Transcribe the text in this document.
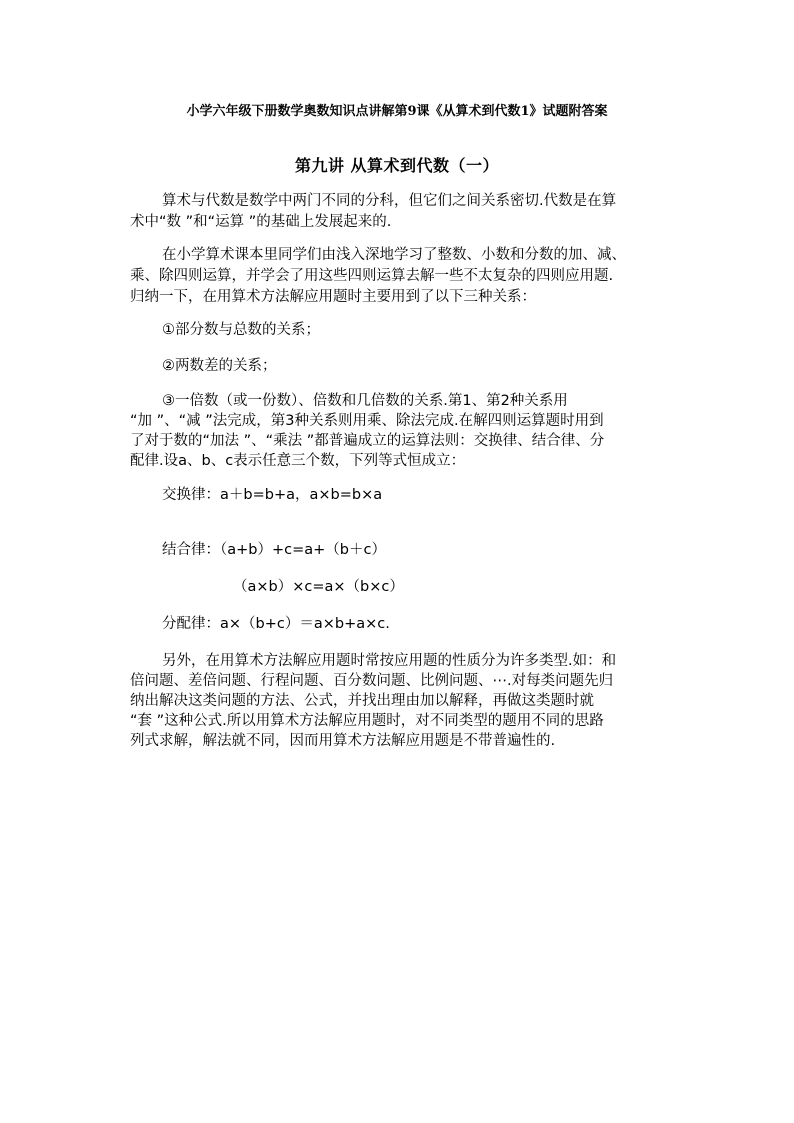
小学六年级下册数学奥数知识点讲解第9课《从算术到代数1》试题附答案
第九讲 从算术到代数（一）
算术与代数是数学中两门不同的分科，但它们之间关系密切.代数是在算
术中“数 ”和“运算 ”的基础上发展起来的.
在小学算术课本里同学们由浅入深地学习了整数、小数和分数的加、减、
乘、除四则运算，并学会了用这些四则运算去解一些不太复杂的四则应用题.
归纳一下，在用算术方法解应用题时主要用到了以下三种关系：
①部分数与总数的关系；
②两数差的关系；
③一倍数（或一份数）、倍数和几倍数的关系.第1、第2种关系用
“加 ”、“减 ”法完成，第3种关系则用乘、除法完成.在解四则运算题时用到
了对于数的“加法 ”、“乘法 ”都普遍成立的运算法则：交换律、结合律、分
配律.设a、b、c表示任意三个数，下列等式恒成立：
交换律：a＋b=b+a，a×b=b×a
结合律：（a+b）+c=a+（b＋c）
（a×b）×c=a×（b×c）
分配律：a×（b+c）＝a×b+a×c.
另外，在用算术方法解应用题时常按应用题的性质分为许多类型.如：和
倍问题、差倍问题、行程问题、百分数问题、比例问题、⋯.对每类问题先归
纳出解决这类问题的方法、公式，并找出理由加以解释，再做这类题时就
“套 ”这种公式.所以用算术方法解应用题时，对不同类型的题用不同的思路
列式求解，解法就不同，因而用算术方法解应用题是不带普遍性的.
